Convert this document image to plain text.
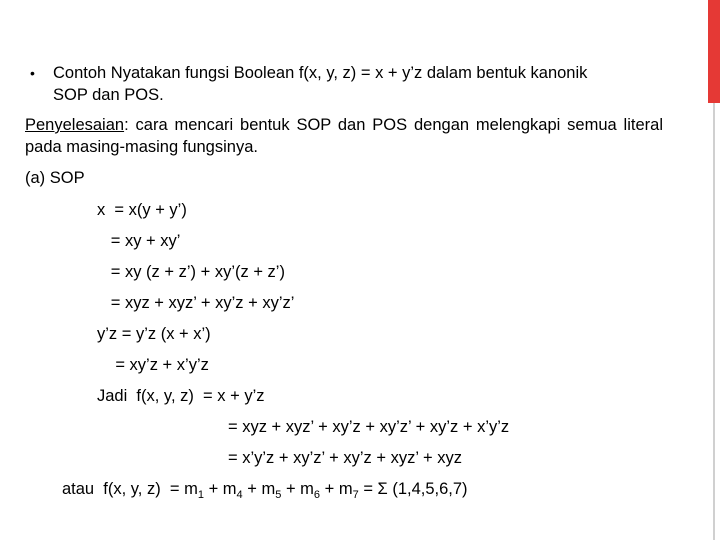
• Contoh Nyatakan fungsi Boolean f(x, y, z) = x + y’z dalam bentuk kanonik
SOP dan POS.
Penyelesaian: cara mencari bentuk SOP dan POS dengan melengkapi semua literal pada masing-masing fungsinya.
(a) SOP
x  = x(y + y’)
= xy + xy’
= xy (z + z’) + xy’(z + z’)
= xyz + xyz’ + xy’z + xy’z’
y’z = y’z (x + x’)
= xy’z + x’y’z
Jadi  f(x, y, z)  = x + y’z
= xyz + xyz’ + xy’z + xy’z’ + xy’z + x’y’z
= x’y’z + xy’z’ + xy’z + xyz’ + xyz
atau  f(x, y, $z) = m_1 + m_4 + m_5 + m_6 + m_7 = \Sigma$ (1,4,5,6,7)
